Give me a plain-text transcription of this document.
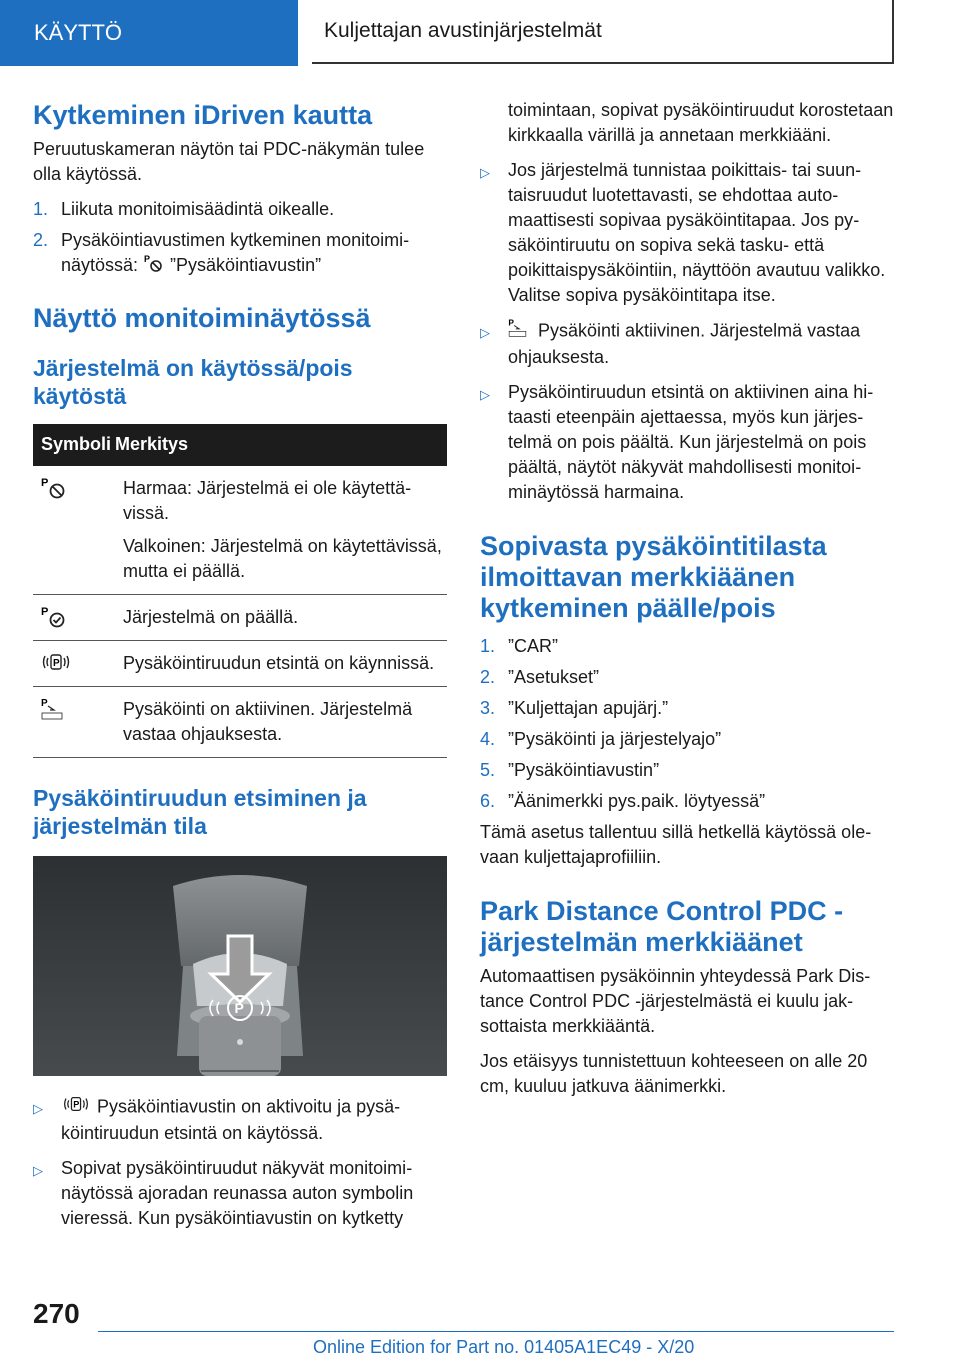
KÄYTTÖ	Kuljettajan avustinjärjestelmät
Kytkeminen iDriven kautta

Peruutuskameran näytön tai PDC-näkymän tulee olla käytössä.

1. Liikuta monitoimisäädintä oikealle.
2. Pysäköintiavustimen kytkeminen monitoiminäytössä: P ”Pysäköintiavustin”
Näyttö monitoiminäytössä
Järjestelmä on käytössä/pois käytöstä
Symboli Merkitys
P	Harmaa: Järjestelmä ei ole käytettävissä.

Valkoinen: Järjestelmä on käytettävissä, mutta ei päällä.

P	Järjestelmä on päällä.

P	Pysäköintiruudun etsintä on käynnissä.

P	Pysäköinti on aktiivinen. Järjestelmä vastaa ohjauksesta.

Pysäköintiruudun etsiminen ja järjestelmän tila
P
▷	P Pysäköintiavustin on aktivoitu ja pysäköintiruudun etsintä on käytössä.
▷	Sopivat pysäköintiruudut näkyvät monitoiminäytössä ajoradan reunassa auton symbolin vieressä. Kun pysäköintiavustin on kytketty

toimintaan, sopivat pysäköintiruudut korostetaan kirkkaalla värillä ja annetaan merkkiääni.

▷	Jos järjestelmä tunnistaa poikittais- tai suuntaisruudut luotettavasti, se ehdottaa automaattisesti sopivaa pysäköintitapaa. Jos pysäköintiruutu on sopiva sekä tasku- että poikittaispysäköintiin, näyttöön avautuu valikko. Valitse sopiva pysäköintitapa itse.
▷
P Pysäköinti aktiivinen. Järjestelmä vastaa ohjauksesta.
▷	Pysäköintiruudun etsintä on aktiivinen aina hitaasti eteenpäin ajettaessa, myös kun järjestelmä on pois päältä. Kun järjestelmä on pois päältä, näytöt näkyvät mahdollisesti monitoiminäytössä harmaina.
Sopivasta pysäköintitilasta ilmoittavan merkkiäänen kytkeminen päälle/pois
1. ”CAR”
2. ”Asetukset”
3. ”Kuljettajan apujärj.”
4. ”Pysäköinti ja järjestelyajo”
5. ”Pysäköintiavustin”
6. ”Äänimerkki pys.paik. löytyessä”

Tämä asetus tallentuu sillä hetkellä käytössä olevaan kuljettajaprofiiliin.

Park Distance Control PDC -järjestelmän merkkiäänet

Automaattisen pysäköinnin yhteydessä Park Distance Control PDC -järjestelmästä ei kuulu jaksottaista merkkiääntä.

Jos etäisyys tunnistettuun kohteeseen on alle 20 cm, kuuluu jatkuva äänimerkki.

270
Online Edition for Part no. 01405A1EC49 - X/20
